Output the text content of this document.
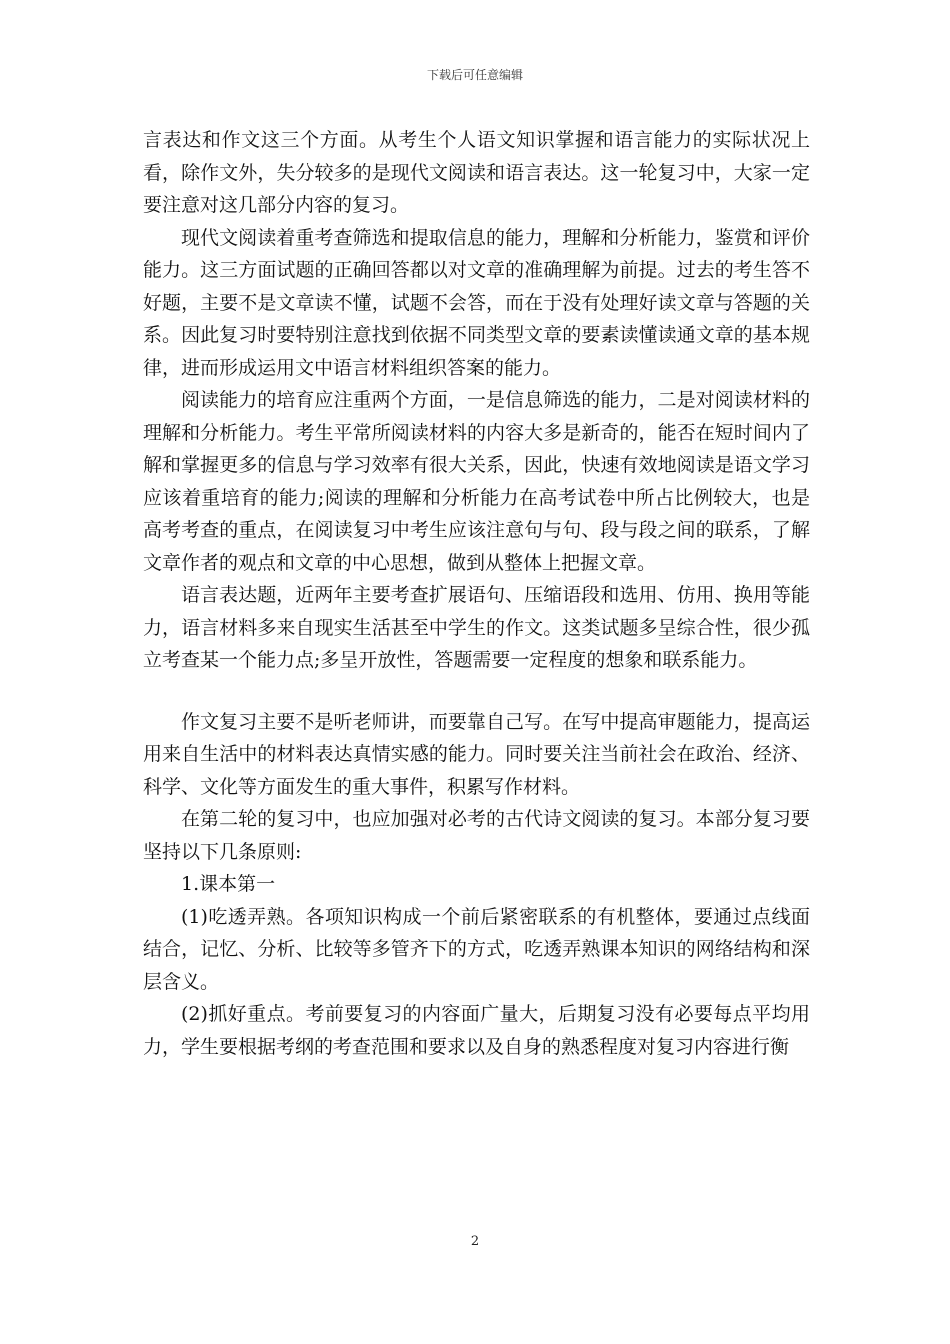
下载后可任意编辑

言表达和作文这三个方面。从考生个人语文知识掌握和语言能力的实际状况上看，除作文外，失分较多的是现代文阅读和语言表达。这一轮复习中，大家一定要注意对这几部分内容的复习。

现代文阅读着重考查筛选和提取信息的能力，理解和分析能力，鉴赏和评价能力。这三方面试题的正确回答都以对文章的准确理解为前提。过去的考生答不好题，主要不是文章读不懂，试题不会答，而在于没有处理好读文章与答题的关系。因此复习时要特别注意找到依据不同类型文章的要素读懂读通文章的基本规律，进而形成运用文中语言材料组织答案的能力。

阅读能力的培育应注重两个方面，一是信息筛选的能力，二是对阅读材料的理解和分析能力。考生平常所阅读材料的内容大多是新奇的，能否在短时间内了解和掌握更多的信息与学习效率有很大关系，因此，快速有效地阅读是语文学习应该着重培育的能力;阅读的理解和分析能力在高考试卷中所占比例较大，也是高考考查的重点，在阅读复习中考生应该注意句与句、段与段之间的联系，了解文章作者的观点和文章的中心思想，做到从整体上把握文章。

语言表达题，近两年主要考查扩展语句、压缩语段和选用、仿用、换用等能力，语言材料多来自现实生活甚至中学生的作文。这类试题多呈综合性，很少孤立考查某一个能力点;多呈开放性，答题需要一定程度的想象和联系能力。

作文复习主要不是听老师讲，而要靠自己写。在写中提高审题能力，提高运用来自生活中的材料表达真情实感的能力。同时要关注当前社会在政治、经济、科学、文化等方面发生的重大事件，积累写作材料。

在第二轮的复习中，也应加强对必考的古代诗文阅读的复习。本部分复习要坚持以下几条原则:

1.课本第一

(1)吃透弄熟。各项知识构成一个前后紧密联系的有机整体，要通过点线面结合，记忆、分析、比较等多管齐下的方式，吃透弄熟课本知识的网络结构和深层含义。

(2)抓好重点。考前要复习的内容面广量大，后期复习没有必要每点平均用力，学生要根据考纲的考查范围和要求以及自身的熟悉程度对复习内容进行衡

2
